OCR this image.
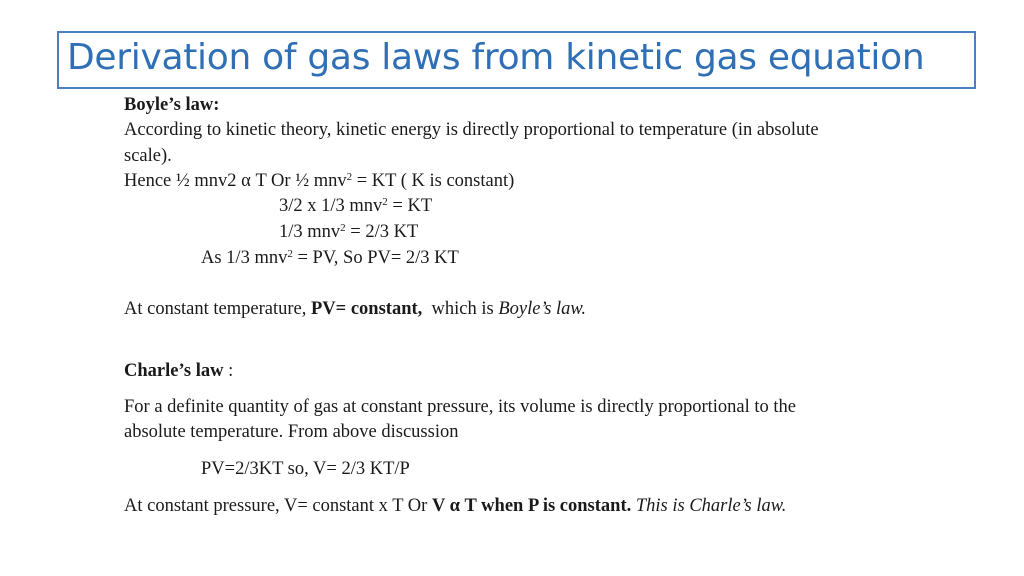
Derivation of gas laws from kinetic gas equation
Boyle’s law:
According to kinetic theory, kinetic energy is directly proportional to temperature (in absolute
scale).
Hence ½ mnv2 α T Or ½ mnv$^2$ = KT ( K is constant)
3/2 x 1/3 mnv$^2$ = KT
1/3 mnv$^2$ = 2/3 KT
As 1/3 mnv$^2$ = PV, So PV= 2/3 KT
At constant temperature, PV= constant,  which is Boyle’s law.
Charle’s law :
For a definite quantity of gas at constant pressure, its volume is directly proportional to the
absolute temperature. From above discussion
PV=2/3KT so, V= 2/3 KT/P
At constant pressure, V= constant x T Or V α T when P is constant. This is Charle’s law.
